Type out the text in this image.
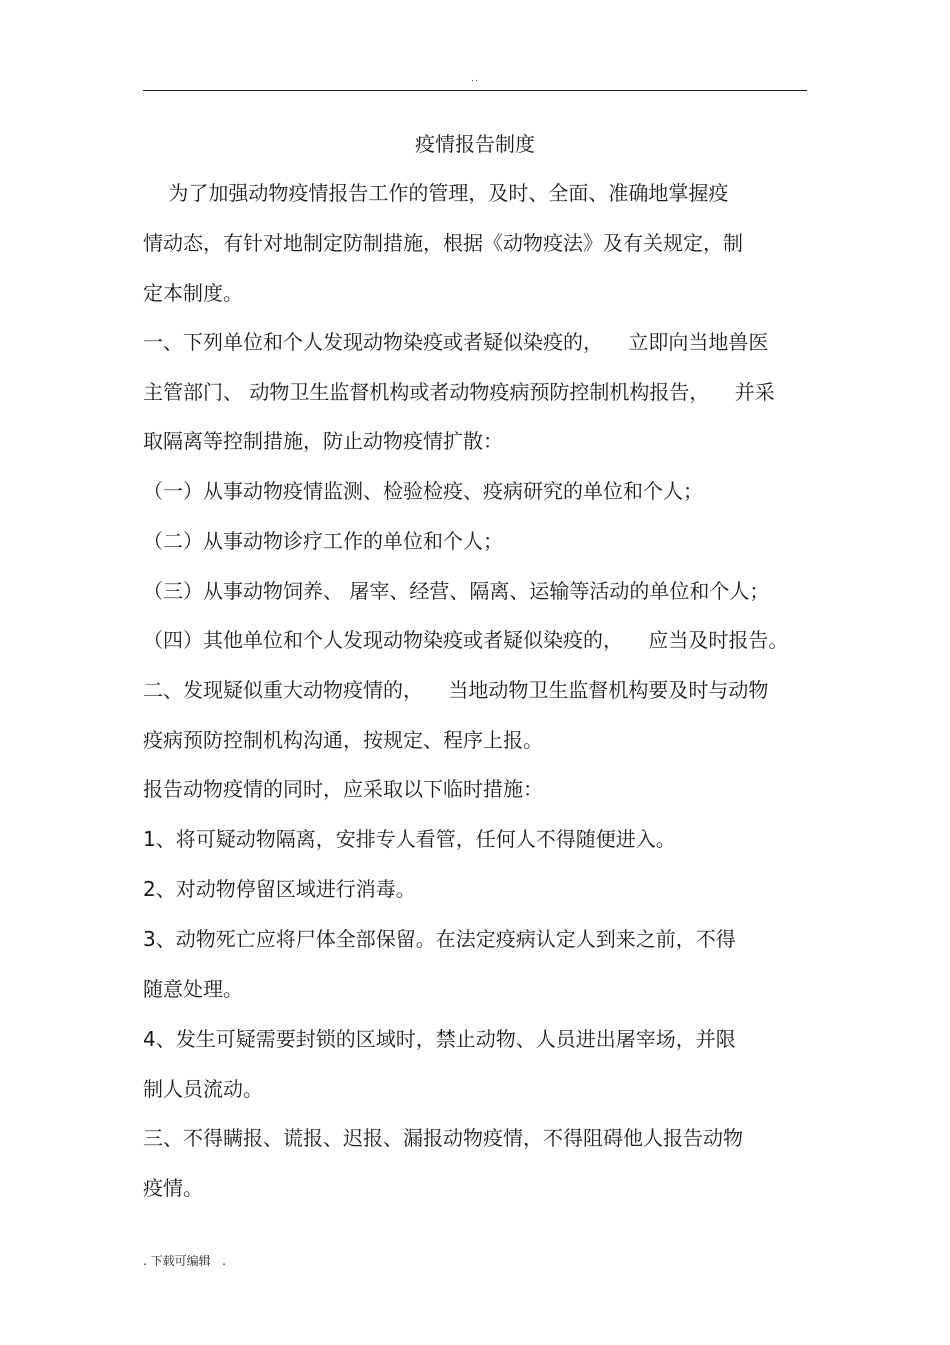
..
疫情报告制度
为了加强动物疫情报告工作的管理，及时、全面、准确地掌握疫
情动态，有针对地制定防制措施，根据《动物疫法》及有关规定，制
定本制度。
一、下列单位和个人发现动物染疫或者疑似染疫的，    立即向当地兽医
主管部门、 动物卫生监督机构或者动物疫病预防控制机构报告，    并采
取隔离等控制措施，防止动物疫情扩散：
（一）从事动物疫情监测、检验检疫、疫病研究的单位和个人；
（二）从事动物诊疗工作的单位和个人；
（三）从事动物饲养、 屠宰、经营、隔离、运输等活动的单位和个人；
（四）其他单位和个人发现动物染疫或者疑似染疫的，    应当及时报告。
二、发现疑似重大动物疫情的，    当地动物卫生监督机构要及时与动物
疫病预防控制机构沟通，按规定、程序上报。
报告动物疫情的同时，应采取以下临时措施：
1、将可疑动物隔离，安排专人看管，任何人不得随便进入。
2、对动物停留区域进行消毒。
3、动物死亡应将尸体全部保留。在法定疫病认定人到来之前，不得
随意处理。
4、发生可疑需要封锁的区域时，禁止动物、人员进出屠宰场，并限
制人员流动。
三、不得瞒报、谎报、迟报、漏报动物疫情，不得阻碍他人报告动物
疫情。
. 下载可编辑   .
